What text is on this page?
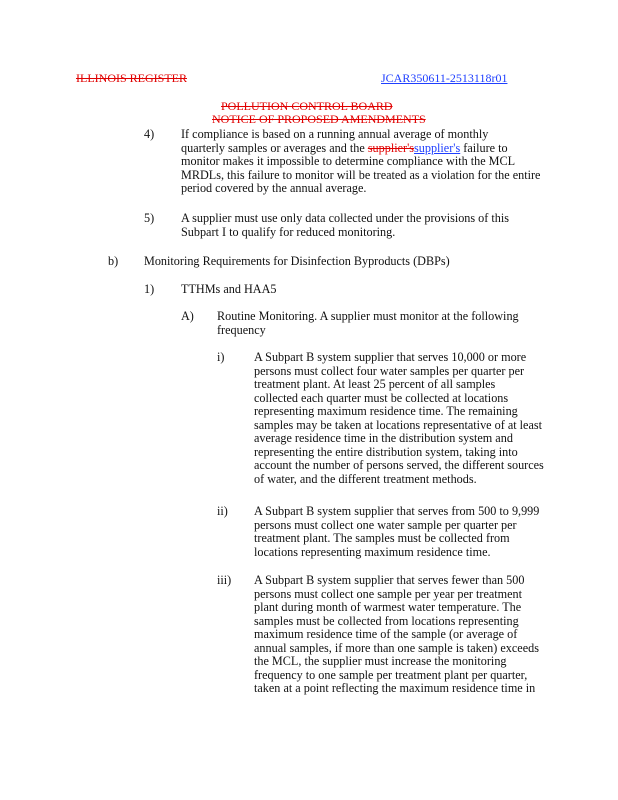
ILLINOIS REGISTER	JCAR350611-2513118r01
POLLUTION CONTROL BOARD
NOTICE OF PROPOSED AMENDMENTS
4) If compliance is based on a running annual average of monthly
quarterly samples or averages and the supplier'ssupplier's failure to
monitor makes it impossible to determine compliance with the MCL
MRDLs, this failure to monitor will be treated as a violation for the entire
period covered by the annual average.
5) A supplier must use only data collected under the provisions of this
Subpart I to qualify for reduced monitoring.
b) Monitoring Requirements for Disinfection Byproducts (DBPs)
1) TTHMs and HAA5
A) Routine Monitoring. A supplier must monitor at the following
frequency
i) A Subpart B system supplier that serves 10,000 or more
persons must collect four water samples per quarter per
treatment plant. At least 25 percent of all samples
collected each quarter must be collected at locations
representing maximum residence time. The remaining
samples may be taken at locations representative of at least
average residence time in the distribution system and
representing the entire distribution system, taking into
account the number of persons served, the different sources
of water, and the different treatment methods.
ii) A Subpart B system supplier that serves from 500 to 9,999
persons must collect one water sample per quarter per
treatment plant. The samples must be collected from
locations representing maximum residence time.
iii) A Subpart B system supplier that serves fewer than 500
persons must collect one sample per year per treatment
plant during month of warmest water temperature. The
samples must be collected from locations representing
maximum residence time of the sample (or average of
annual samples, if more than one sample is taken) exceeds
the MCL, the supplier must increase the monitoring
frequency to one sample per treatment plant per quarter,
taken at a point reflecting the maximum residence time in
